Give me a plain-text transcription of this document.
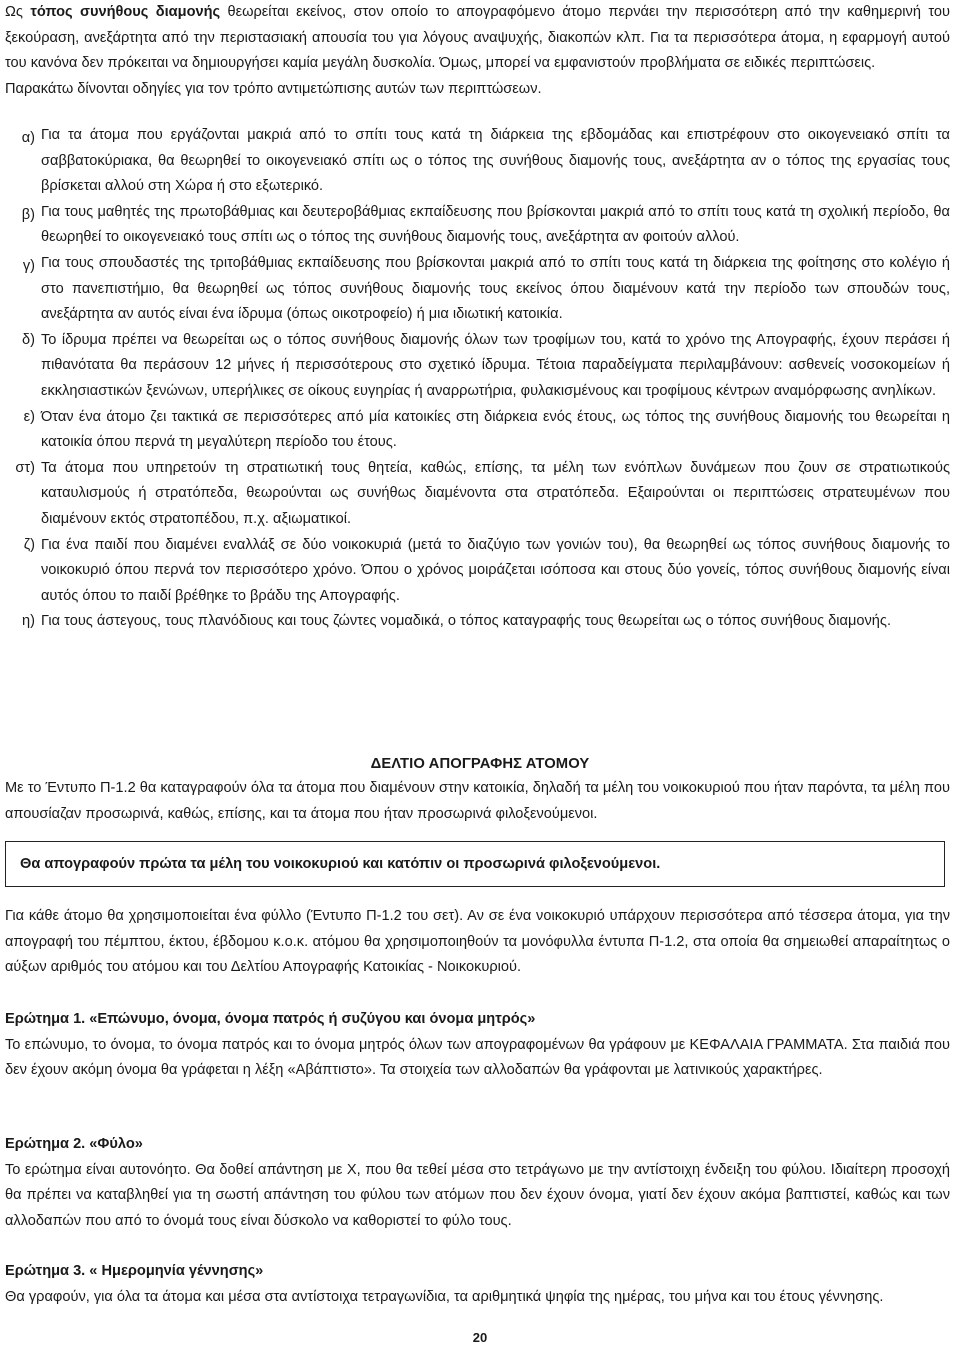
Ως τόπος συνήθους διαμονής θεωρείται εκείνος, στον οποίο το απογραφόμενο άτομο περνάει την περισσότερη από την καθημερινή του ξεκούραση, ανεξάρτητα από την περιστασιακή απουσία του για λόγους αναψυχής, διακοπών κλπ. Για τα περισσότερα άτομα, η εφαρμογή αυτού του κανόνα δεν πρόκειται να δημιουργήσει καμία μεγάλη δυσκολία. Όμως, μπορεί να εμφανιστούν προβλήματα σε ειδικές περιπτώσεις.

Παρακάτω δίνονται οδηγίες για τον τρόπο αντιμετώπισης αυτών των περιπτώσεων.

α) Για τα άτομα που εργάζονται μακριά από το σπίτι τους κατά τη διάρκεια της εβδομάδας και επιστρέφουν στο οικογενειακό σπίτι τα σαββατοκύριακα, θα θεωρηθεί το οικογενειακό σπίτι ως ο τόπος της συνήθους διαμονής τους, ανεξάρτητα αν ο τόπος της εργασίας τους βρίσκεται αλλού στη Χώρα ή στο εξωτερικό.
β) Για τους μαθητές της πρωτοβάθμιας και δευτεροβάθμιας εκπαίδευσης που βρίσκονται μακριά από το σπίτι τους κατά τη σχολική περίοδο, θα θεωρηθεί το οικογενειακό τους σπίτι ως ο τόπος της συνήθους διαμονής τους, ανεξάρτητα αν φοιτούν αλλού.
γ) Για τους σπουδαστές της τριτοβάθμιας εκπαίδευσης που βρίσκονται μακριά από το σπίτι τους κατά τη διάρκεια της φοίτησης στο κολέγιο ή στο πανεπιστήμιο, θα θεωρηθεί ως τόπος συνήθους διαμονής τους εκείνος όπου διαμένουν κατά την περίοδο των σπουδών τους, ανεξάρτητα αν αυτός είναι ένα ίδρυμα (όπως οικοτροφείο) ή μια ιδιωτική κατοικία.
δ) Το ίδρυμα πρέπει να θεωρείται ως ο τόπος συνήθους διαμονής όλων των τροφίμων του, κατά το χρόνο της Απογραφής, έχουν περάσει ή πιθανότατα θα περάσουν 12 μήνες ή περισσότερους στο σχετικό ίδρυμα. Τέτοια παραδείγματα περιλαμβάνουν: ασθενείς νοσοκομείων ή εκκλησιαστικών ξενώνων, υπερήλικες σε οίκους ευγηρίας ή αναρρωτήρια, φυλακισμένους και τροφίμους κέντρων αναμόρφωσης ανηλίκων.
ε) Όταν ένα άτομο ζει τακτικά σε περισσότερες από μία κατοικίες στη διάρκεια ενός έτους, ως τόπος της συνήθους διαμονής του θεωρείται η κατοικία όπου περνά τη μεγαλύτερη περίοδο του έτους.
στ) Τα άτομα που υπηρετούν τη στρατιωτική τους θητεία, καθώς, επίσης, τα μέλη των ενόπλων δυνάμεων που ζουν σε στρατιωτικούς καταυλισμούς ή στρατόπεδα, θεωρούνται ως συνήθως διαμένοντα στα στρατόπεδα. Εξαιρούνται οι περιπτώσεις στρατευμένων που διαμένουν εκτός στρατοπέδου, π.χ. αξιωματικοί.
ζ) Για ένα παιδί που διαμένει εναλλάξ σε δύο νοικοκυριά (μετά το διαζύγιο των γονιών του), θα θεωρηθεί ως τόπος συνήθους διαμονής το νοικοκυριό όπου περνά τον περισσότερο χρόνο. Όπου ο χρόνος μοιράζεται ισόποσα και στους δύο γονείς, τόπος συνήθους διαμονής είναι αυτός όπου το παιδί βρέθηκε το βράδυ της Απογραφής.
η) Για τους άστεγους, τους πλανόδιους και τους ζώντες νομαδικά, ο τόπος καταγραφής τους θεωρείται ως ο τόπος συνήθους διαμονής.
ΔΕΛΤΙΟ ΑΠΟΓΡΑΦΗΣ ΑΤΟΜΟΥ

Με το Έντυπο Π-1.2 θα καταγραφούν όλα τα άτομα που διαμένουν στην κατοικία, δηλαδή τα μέλη του νοικοκυριού που ήταν παρόντα, τα μέλη που απουσίαζαν προσωρινά, καθώς, επίσης, και τα άτομα που ήταν προσωρινά φιλοξενούμενοι.

Θα απογραφούν πρώτα τα μέλη του νοικοκυριού και κατόπιν οι προσωρινά φιλοξενούμενοι.

Για κάθε άτομο θα χρησιμοποιείται ένα φύλλο (Έντυπο Π-1.2 του σετ). Αν σε ένα νοικοκυριό υπάρχουν περισσότερα από τέσσερα άτομα, για την απογραφή του πέμπτου, έκτου, έβδομου κ.ο.κ. ατόμου θα χρησιμοποιηθούν τα μονόφυλλα έντυπα Π-1.2, στα οποία θα σημειωθεί απαραίτητως ο αύξων αριθμός του ατόμου και του Δελτίου Απογραφής Κατοικίας - Νοικοκυριού.

Ερώτημα 1. «Επώνυμο, όνομα, όνομα πατρός ή συζύγου και όνομα μητρός»

Το επώνυμο, το όνομα, το όνομα πατρός και το όνομα μητρός όλων των απογραφομένων θα γράφουν με ΚΕΦΑΛΑΙΑ ΓΡΑΜΜΑΤΑ. Στα παιδιά που δεν έχουν ακόμη όνομα θα γράφεται η λέξη «Αβάπτιστο». Τα στοιχεία των αλλοδαπών θα γράφονται με λατινικούς χαρακτήρες.

Ερώτημα 2. «Φύλο»

Το ερώτημα είναι αυτονόητο. Θα δοθεί απάντηση με Χ, που θα τεθεί μέσα στο τετράγωνο με την αντίστοιχη ένδειξη του φύλου. Ιδιαίτερη προσοχή θα πρέπει να καταβληθεί για τη σωστή απάντηση του φύλου των ατόμων που δεν έχουν όνομα, γιατί δεν έχουν ακόμα βαπτιστεί, καθώς και των αλλοδαπών που από το όνομά τους είναι δύσκολο να καθοριστεί το φύλο τους.

Ερώτημα 3. « Ημερομηνία γέννησης»

Θα γραφούν, για όλα τα άτομα και μέσα στα αντίστοιχα τετραγωνίδια, τα αριθμητικά ψηφία της ημέρας, του μήνα και του έτους γέννησης.

20
